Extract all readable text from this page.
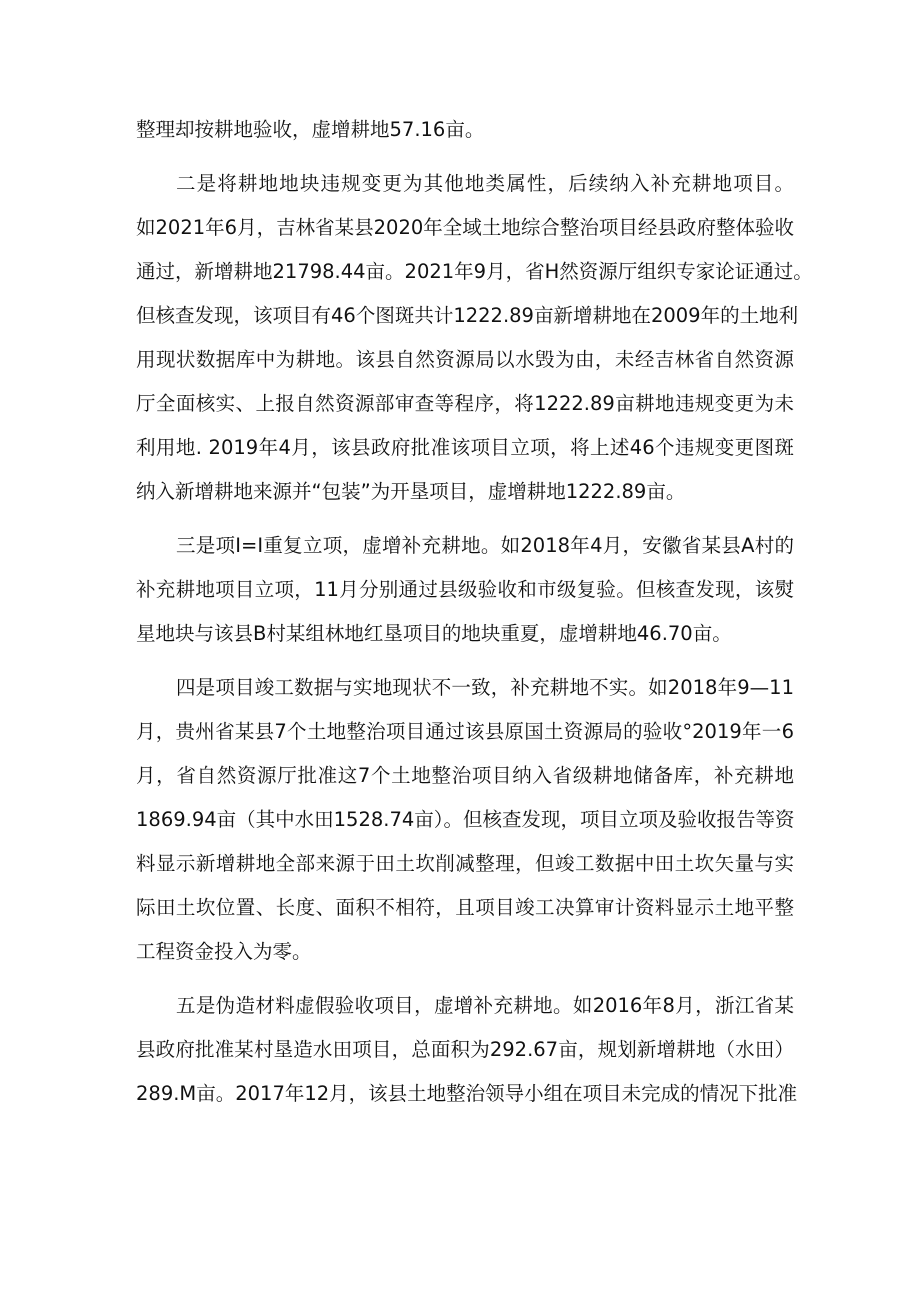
整理却按耕地验收，虚增耕地57.16亩。
二是将耕地地块违规变更为其他地类属性，后续纳入补充耕地项目。
如2021年6月，吉林省某县2020年全域土地综合整治项目经县政府整体验收
通过，新增耕地21798.44亩。2021年9月，省H然资源厅组织专家论证通过。
但核查发现，该项目有46个图斑共计1222.89亩新增耕地在2009年的土地利
用现状数据库中为耕地。该县自然资源局以水毁为由，未经吉林省自然资源
厅全面核实、上报自然资源部审查等程序，将1222.89亩耕地违规变更为未
利用地. 2019年4月，该县政府批准该项目立项，将上述46个违规变更图斑
纳入新增耕地来源并“包装”为开垦项目，虚增耕地1222.89亩。
三是项I=I重复立项，虚增补充耕地。如2018年4月，安徽省某县A村的
补充耕地项目立项，11月分别通过县级验收和市级复验。但核查发现，该熨
星地块与该县B村某组林地红垦项目的地块重夏，虚增耕地46.70亩。
四是项目竣工数据与实地现状不一致，补充耕地不实。如2018年9—11
月，贵州省某县7个土地整治项目通过该县原国土资源局的验收°2019年一6
月，省自然资源厅批准这7个土地整治项目纳入省级耕地储备库，补充耕地
1869.94亩（其中水田1528.74亩）。但核查发现，项目立项及验收报告等资
料显示新增耕地全部来源于田土坎削减整理，但竣工数据中田土坎矢量与实
际田土坎位置、长度、面积不相符，且项目竣工决算审计资料显示土地平整
工程资金投入为零。
五是伪造材料虚假验收项目，虚增补充耕地。如2016年8月，浙江省某
县政府批准某村垦造水田项目，总面积为292.67亩，规划新增耕地（水田）
289.M亩。2017年12月，该县土地整治领导小组在项目未完成的情况下批准
